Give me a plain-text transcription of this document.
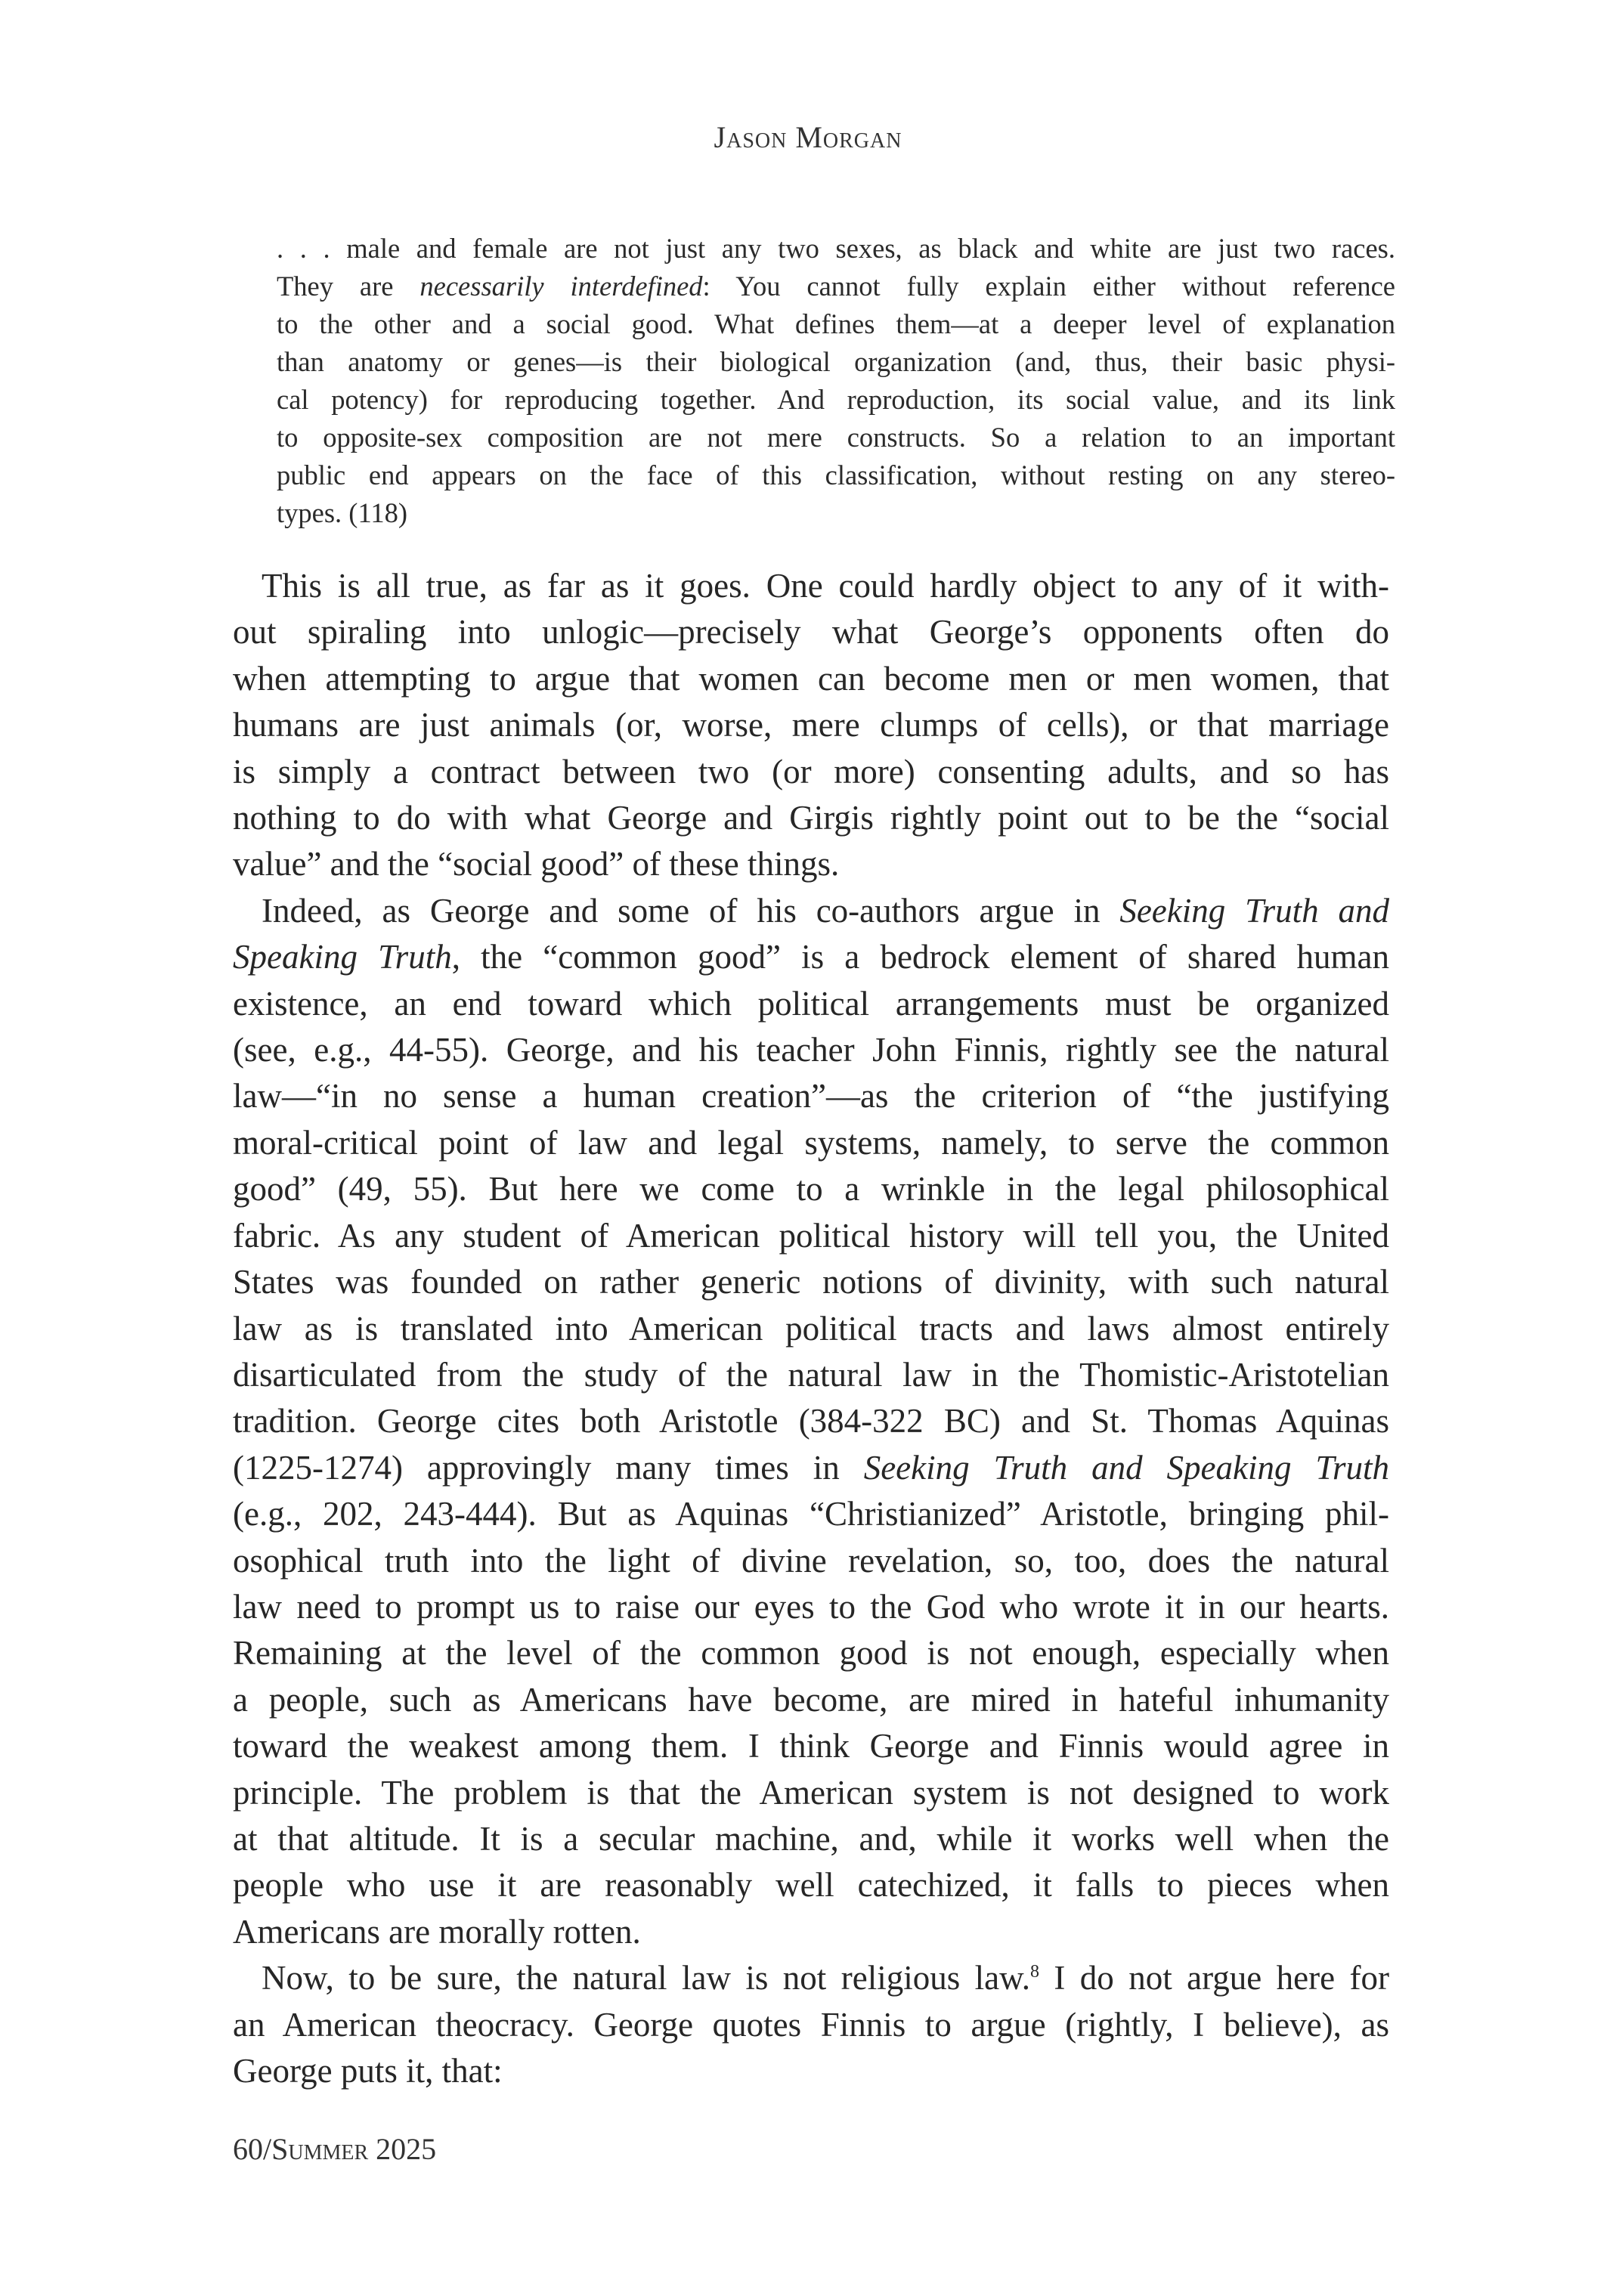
Jason Morgan
. . . male and female are not just any two sexes, as black and white are just two races.
They are necessarily interdefined: You cannot fully explain either without reference
to the other and a social good. What defines them—at a deeper level of explanation
than anatomy or genes—is their biological organization (and, thus, their basic physi-
cal potency) for reproducing together. And reproduction, its social value, and its link
to opposite-sex composition are not mere constructs. So a relation to an important
public end appears on the face of this classification, without resting on any stereo-
types. (118)
This is all true, as far as it goes. One could hardly object to any of it with-
out spiraling into unlogic—precisely what George’s opponents often do
when attempting to argue that women can become men or men women, that
humans are just animals (or, worse, mere clumps of cells), or that marriage
is simply a contract between two (or more) consenting adults, and so has
nothing to do with what George and Girgis rightly point out to be the “social
value” and the “social good” of these things.
Indeed, as George and some of his co-authors argue in Seeking Truth and
Speaking Truth, the “common good” is a bedrock element of shared human
existence, an end toward which political arrangements must be organized
(see, e.g., 44-55). George, and his teacher John Finnis, rightly see the natural
law—“in no sense a human creation”—as the criterion of “the justifying
moral-critical point of law and legal systems, namely, to serve the common
good” (49, 55). But here we come to a wrinkle in the legal philosophical
fabric. As any student of American political history will tell you, the United
States was founded on rather generic notions of divinity, with such natural
law as is translated into American political tracts and laws almost entirely
disarticulated from the study of the natural law in the Thomistic-Aristotelian
tradition. George cites both Aristotle (384-322 BC) and St. Thomas Aquinas
(1225-1274) approvingly many times in Seeking Truth and Speaking Truth
(e.g., 202, 243-444). But as Aquinas “Christianized” Aristotle, bringing phil-
osophical truth into the light of divine revelation, so, too, does the natural
law need to prompt us to raise our eyes to the God who wrote it in our hearts.
Remaining at the level of the common good is not enough, especially when
a people, such as Americans have become, are mired in hateful inhumanity
toward the weakest among them. I think George and Finnis would agree in
principle. The problem is that the American system is not designed to work
at that altitude. It is a secular machine, and, while it works well when the
people who use it are reasonably well catechized, it falls to pieces when
Americans are morally rotten.
Now, to be sure, the natural law is not religious law.$^8$ I do not argue here for
an American theocracy. George quotes Finnis to argue (rightly, I believe), as
George puts it, that:
60/Summer 2025
